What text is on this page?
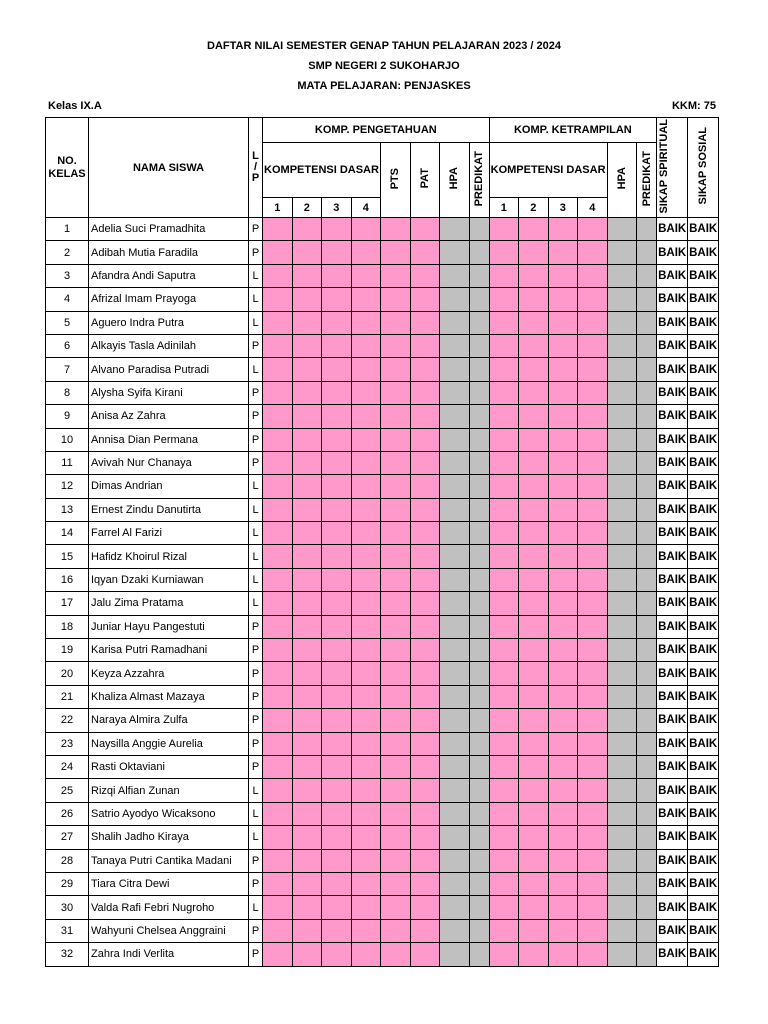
DAFTAR NILAI SEMESTER GENAP TAHUN PELAJARAN 2023 / 2024
SMP NEGERI 2 SUKOHARJO
MATA PELAJARAN: PENJASKES
Kelas IX.A	KKM: 75
NO. KELAS	NAMA SISWA	L / P	KOMP. PENGETAHUAN								KOMP. KETRAMPILAN						SIKAP SPIRITUAL	SIKAP SOSIAL
			KOMPETENSI DASAR				PTS	PAT	HPA	PREDIKAT	KOMPETENSI DASAR				HPA	PREDIKAT		
			1	2	3	4					1	2	3	4				
1	Adelia Suci Pramadhita	P															BAIK	BAIK
2	Adibah Mutia Faradila	P															BAIK	BAIK
3	Afandra Andi Saputra	L															BAIK	BAIK
4	Afrizal Imam Prayoga	L															BAIK	BAIK
5	Aguero Indra Putra	L															BAIK	BAIK
6	Alkayis Tasla Adinilah	P															BAIK	BAIK
7	Alvano Paradisa Putradi	L															BAIK	BAIK
8	Alysha Syifa Kirani	P															BAIK	BAIK
9	Anisa Az Zahra	P															BAIK	BAIK
10	Annisa Dian Permana	P															BAIK	BAIK
11	Avivah Nur Chanaya	P															BAIK	BAIK
12	Dimas Andrian	L															BAIK	BAIK
13	Ernest Zindu Danutirta	L															BAIK	BAIK
14	Farrel Al Farizi	L															BAIK	BAIK
15	Hafidz Khoirul Rizal	L															BAIK	BAIK
16	Iqyan Dzaki Kurniawan	L															BAIK	BAIK
17	Jalu Zima Pratama	L															BAIK	BAIK
18	Juniar Hayu Pangestuti	P															BAIK	BAIK
19	Karisa Putri Ramadhani	P															BAIK	BAIK
20	Keyza Azzahra	P															BAIK	BAIK
21	Khaliza Almast Mazaya	P															BAIK	BAIK
22	Naraya Almira Zulfa	P															BAIK	BAIK
23	Naysilla Anggie Aurelia	P															BAIK	BAIK
24	Rasti Oktaviani	P															BAIK	BAIK
25	Rizqi Alfian Zunan	L															BAIK	BAIK
26	Satrio Ayodyo Wicaksono	L															BAIK	BAIK
27	Shalih Jadho Kiraya	L															BAIK	BAIK
28	Tanaya Putri Cantika Madani	P															BAIK	BAIK
29	Tiara Citra Dewi	P															BAIK	BAIK
30	Valda Rafi Febri Nugroho	L															BAIK	BAIK
31	Wahyuni Chelsea Anggraini	P															BAIK	BAIK
32	Zahra Indi Verlita	P															BAIK	BAIK
